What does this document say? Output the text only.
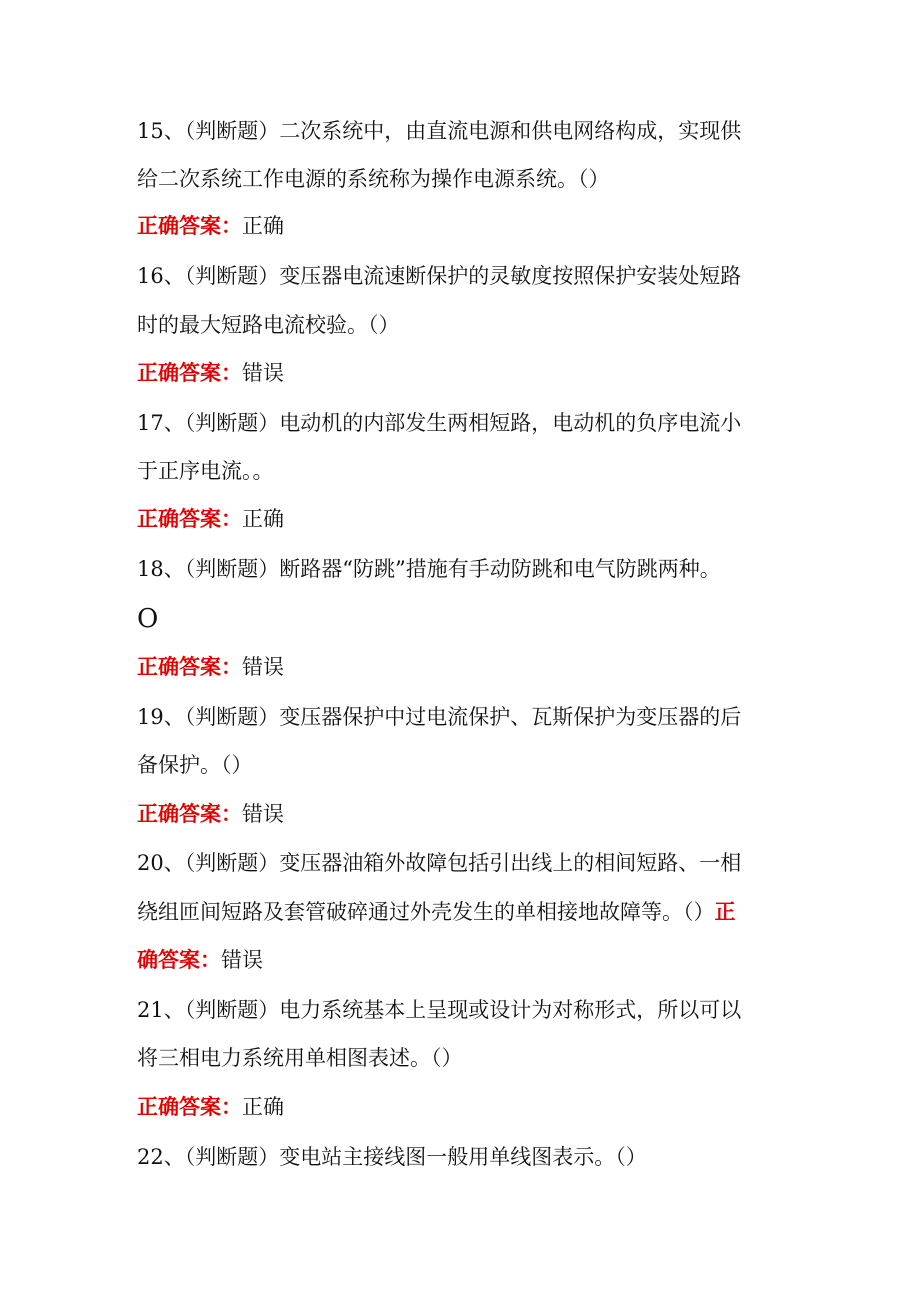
15、（判断题）二次系统中，由直流电源和供电网络构成，实现供
给二次系统工作电源的系统称为操作电源系统。（）
正确答案：正确
16、（判断题）变压器电流速断保护的灵敏度按照保护安装处短路
时的最大短路电流校验。（）
正确答案：错误
17、（判断题）电动机的内部发生两相短路，电动机的负序电流小
于正序电流。。
正确答案：正确
18、（判断题）断路器“防跳”措施有手动防跳和电气防跳两种。
O
正确答案：错误
19、（判断题）变压器保护中过电流保护、瓦斯保护为变压器的后
备保护。（）
正确答案：错误
20、（判断题）变压器油箱外故障包括引出线上的相间短路、一相
绕组匝间短路及套管破碎通过外壳发生的单相接地故障等。（）正
确答案：错误
21、（判断题）电力系统基本上呈现或设计为对称形式，所以可以
将三相电力系统用单相图表述。（）
正确答案：正确
22、（判断题）变电站主接线图一般用单线图表示。（）
